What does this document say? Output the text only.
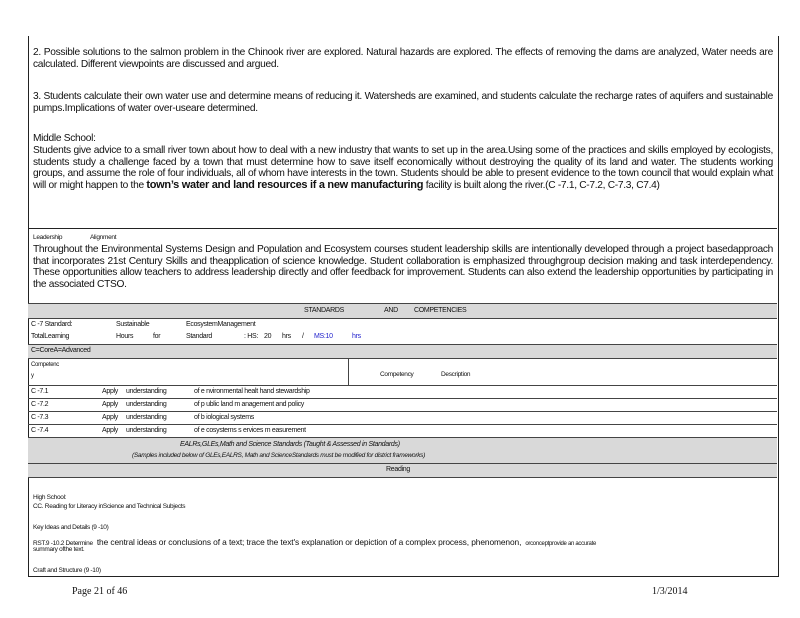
2. Possible solutions to the salmon problem in the Chinook river are explored. Natural hazards are explored. The effects of removing the dams are analyzed, Water needs are calculated. Different viewpoints are discussed and argued.

3. Students calculate their own water use and determine means of reducing it. Watersheds are examined, and students calculate the recharge rates of aquifers and sustainable pumps.Implications of water over-useare determined.

Middle School:

Students give advice to a small river town about how to deal with a new industry that wants to set up in the area.Using some of the practices and skills employed by ecologists, students study a challenge faced by a town that must determine how to save itself economically without destroying the quality of its land and water. The students working groups, and assume the role of four individuals, all of whom have interests in the town. Students should be able to present evidence to the town council that would explain what will or might happen to the town’s water and land resources if a new manufacturing facility is built along the river.(C -7.1, C-7.2, C-7.3, C7.4)

Leadership	Alignment

Throughout the Environmental Systems Design and Population and Ecosystem courses student leadership skills are intentionally developed through a project basedapproach that incorporates 21st Century Skills and theapplication of science knowledge. Student collaboration is emphasized throughgroup decision making and task interdependency. These opportunities allow teachers to address leadership directly and offer feedback for improvement. Students can also extend the leadership opportunities by participating in the associated CTSO.

STANDARDS	AND COMPETENCIES
C -7 Standard:	Sustainable	EcosystemManagement
TotalLearning	Hours	for	Standard	: HS: 20 hrs / MS:10	hrs
C=CoreA=Advanced
Competenc
y	Competency	Description
C -7.1	Apply understanding	of e nvironmental healt hand stewardship
C -7.2	Apply understanding	of p ublic land m anagement and policy
C -7.3	Apply understanding	of b iological systems
C -7.4	Apply understanding	of e cosystems s ervices m easurement
EALRs,GLEs,Math and Science Standards (Taught & Assessed in Standards)
(Samples included below of GLEs,EALRS, Math and ScienceStandards must be modified for district frameworks)
Reading
High School:
CC. Reading for Literacy inScience and Technical Subjects
Key Ideas and Details (9 -10)
RST.9 -10.2 Determine the central ideas or conclusions of a text; trace the text's explanation or depiction of a complex process, phenomenon, orconceptprovide an accurate
summary ofthe text.
Craft and Structure (9 -10)
Page 21 of 46	1/3/2014
